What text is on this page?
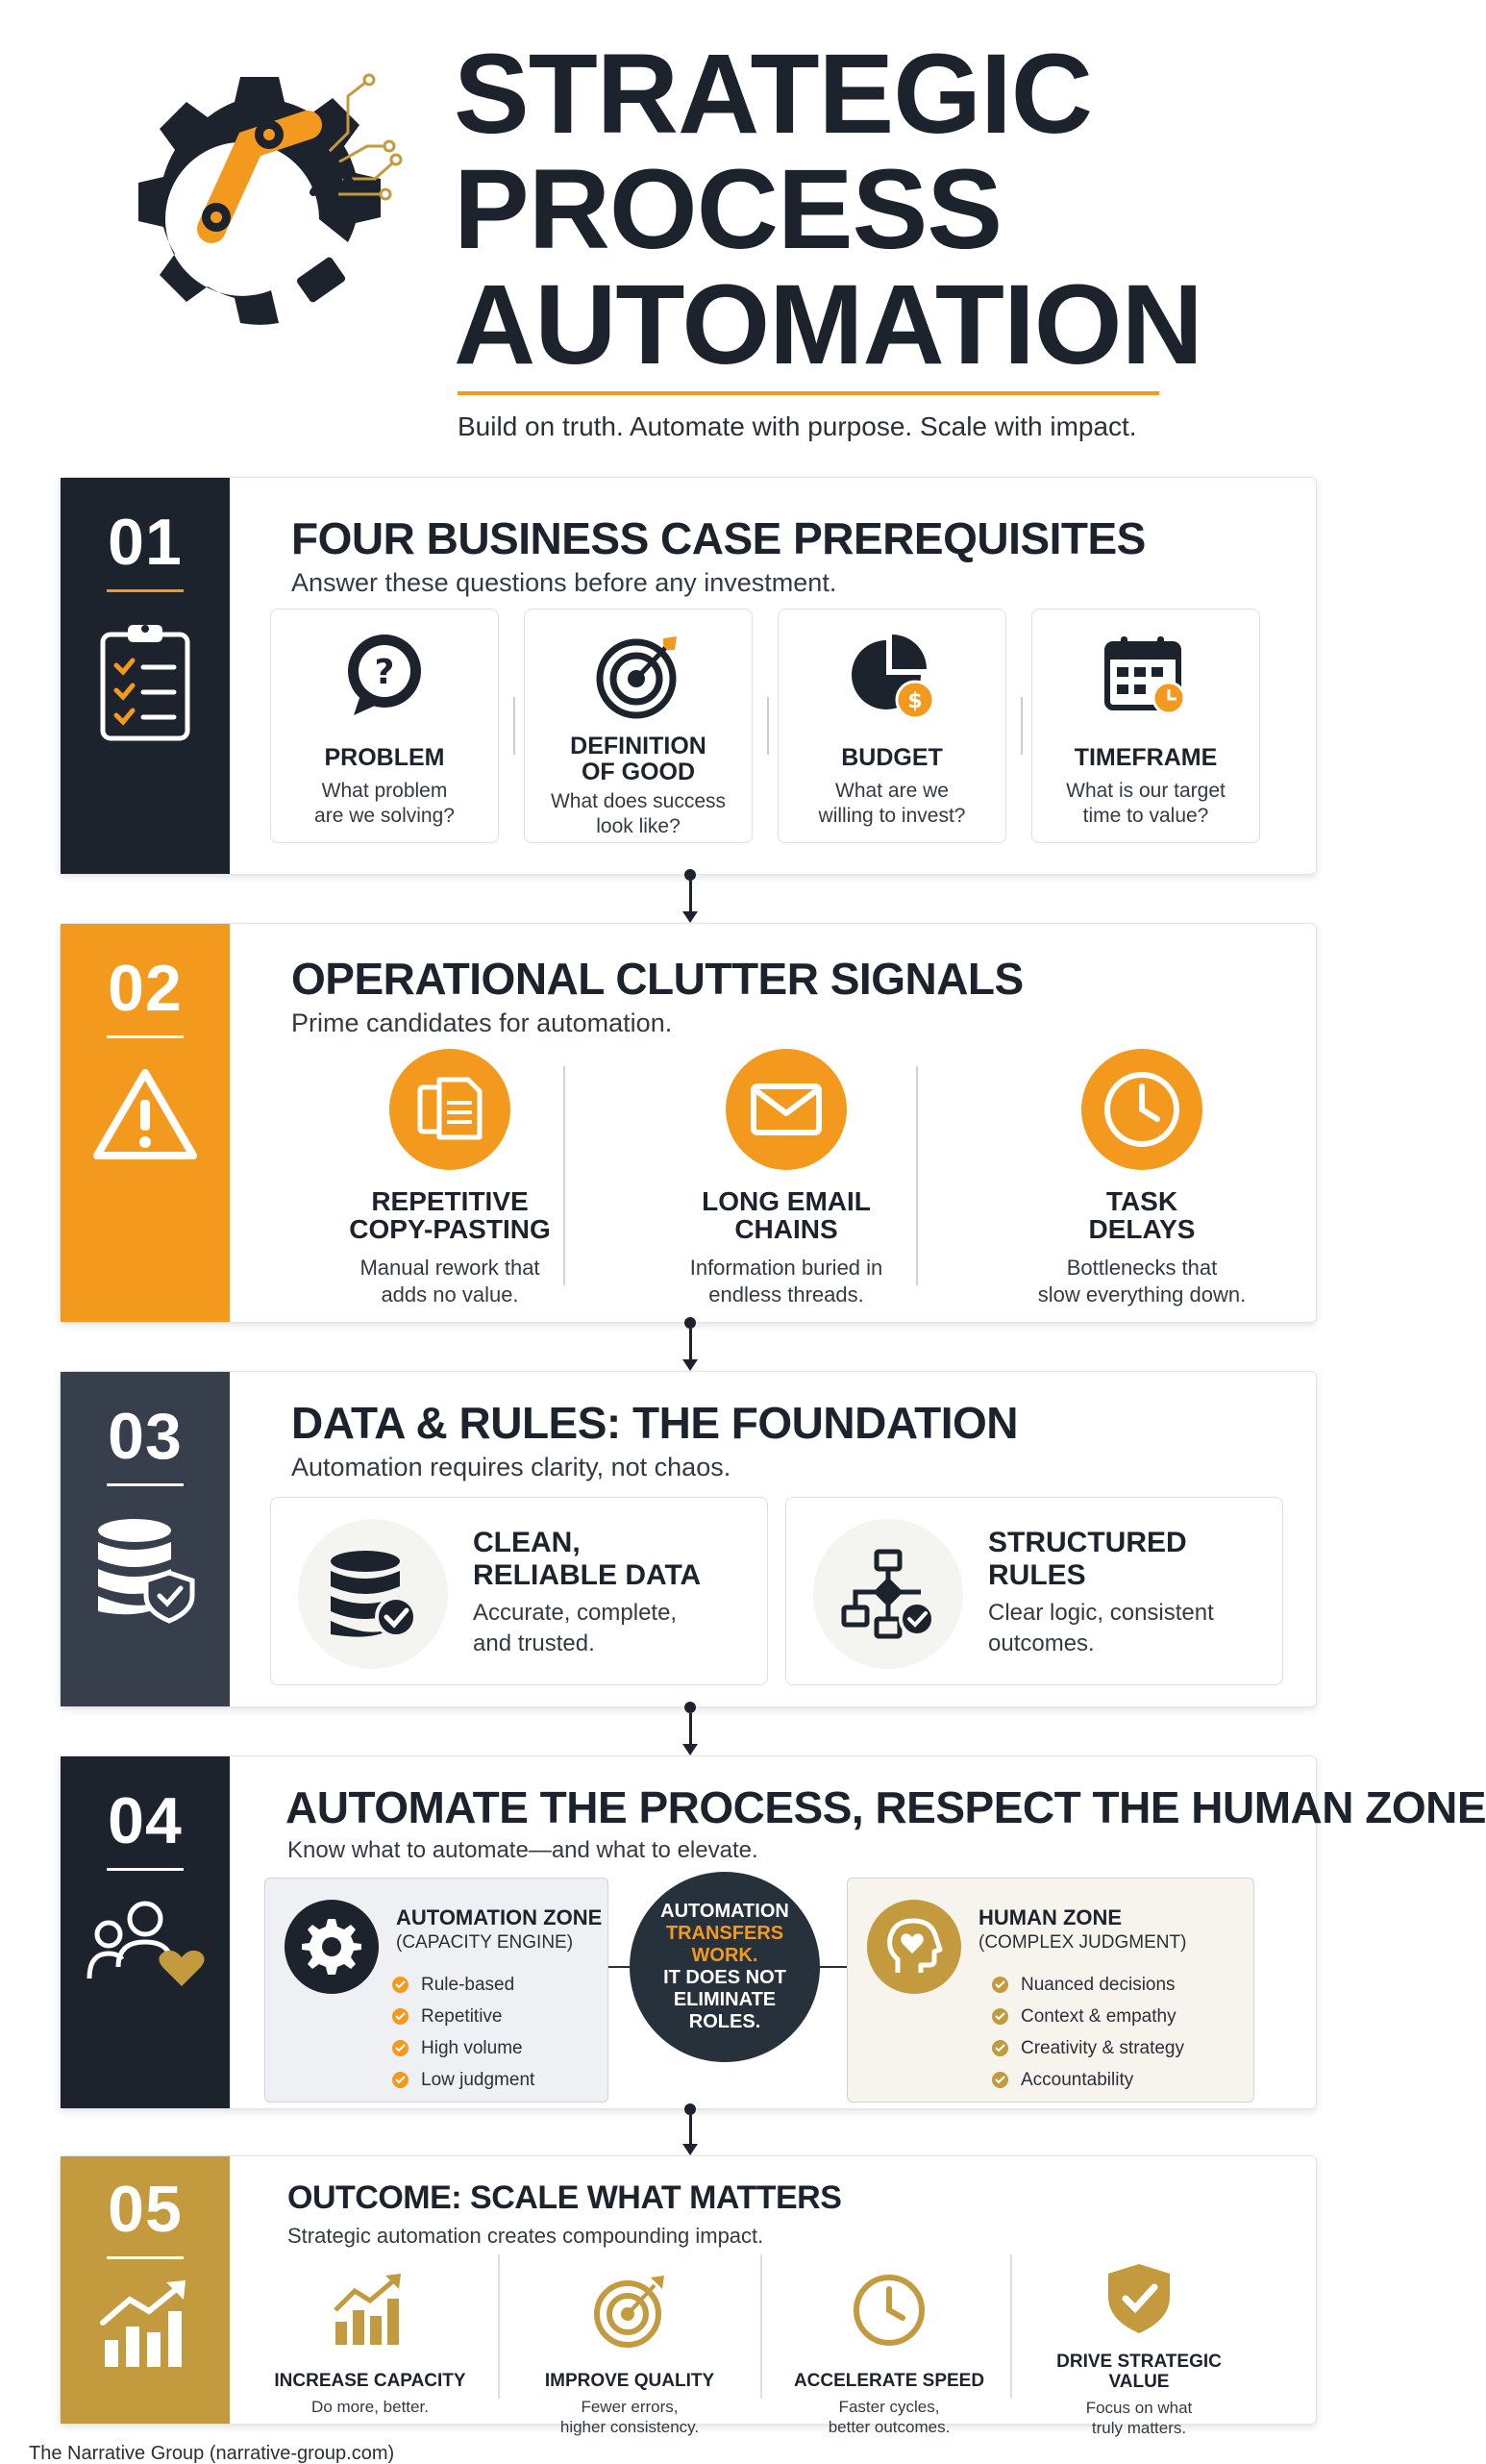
STRATEGIC
PROCESS
AUTOMATION
Build on truth. Automate with purpose. Scale with impact.
01 FOUR BUSINESS CASE PREREQUISITES
Answer these questions before any investment.
?
PROBLEM
What problem
are we solving?
DEFINITION
OF GOOD
What does success
look like?
$
BUDGET
What are we
willing to invest?
TIMEFRAME
What is our target
time to value?
02 OPERATIONAL CLUTTER SIGNALS
Prime candidates for automation.
REPETITIVE
COPY-PASTING
Manual rework that
adds no value.
LONG EMAIL
CHAINS
Information buried in
endless threads.
TASK
DELAYS
Bottlenecks that
slow everything down.
03 DATA & RULES: THE FOUNDATION
Automation requires clarity, not chaos.
CLEAN,
RELIABLE DATA
Accurate, complete,
and trusted.
STRUCTURED
RULES
Clear logic, consistent
outcomes.
04 AUTOMATE THE PROCESS, RESPECT THE HUMAN ZONE
Know what to automate—and what to elevate.
AUTOMATION ZONE
(CAPACITY ENGINE)
Rule-based
Repetitive
High volume
Low judgment
AUTOMATION
TRANSFERS
WORK.
IT DOES NOT
ELIMINATE
ROLES.
HUMAN ZONE
(COMPLEX JUDGMENT)
Nuanced decisions
Context & empathy
Creativity & strategy
Accountability
05	OUTCOME: SCALE WHAT MATTERS
Strategic automation creates compounding impact.
INCREASE CAPACITY
Do more, better.
IMPROVE QUALITY
Fewer errors,
higher consistency.
ACCELERATE SPEED
Faster cycles,
better outcomes.
DRIVE STRATEGIC
VALUE
Focus on what
truly matters.
The Narrative Group (narrative-group.com)
